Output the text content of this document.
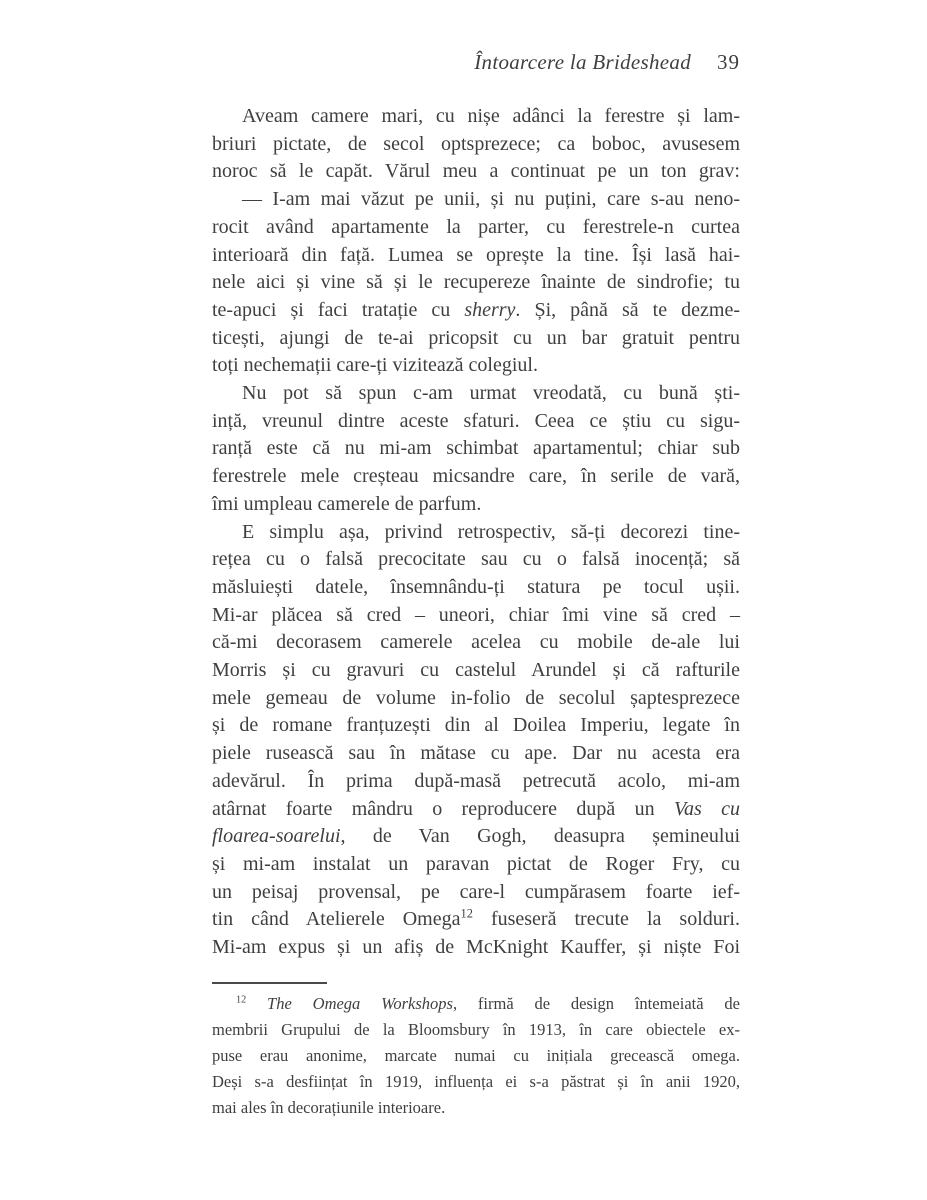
Întoarcere la Brideshead 39
Aveam camere mari, cu nișe adânci la ferestre și lam-
briuri pictate, de secol optsprezece; ca boboc, avusesem
noroc să le capăt. Vărul meu a continuat pe un ton grav:
— I-am mai văzut pe unii, și nu puțini, care s-au neno-
rocit având apartamente la parter, cu ferestrele-n curtea
interioară din față. Lumea se oprește la tine. Își lasă hai-
nele aici și vine să și le recupereze înainte de sindrofie; tu
te-apuci și faci tratație cu sherry. Și, până să te dezme-
ticești, ajungi de te-ai pricopsit cu un bar gratuit pentru
toți nechemații care-ți vizitează colegiul.
Nu pot să spun c-am urmat vreodată, cu bună ști-
ință, vreunul dintre aceste sfaturi. Ceea ce știu cu sigu-
ranță este că nu mi-am schimbat apartamentul; chiar sub
ferestrele mele creșteau micsandre care, în serile de vară,
îmi umpleau camerele de parfum.
E simplu așa, privind retrospectiv, să-ți decorezi tine-
rețea cu o falsă precocitate sau cu o falsă inocență; să
măsluiești datele, însemnându-ți statura pe tocul ușii.
Mi-ar plăcea să cred – uneori, chiar îmi vine să cred –
că-mi decorasem camerele acelea cu mobile de-ale lui
Morris și cu gravuri cu castelul Arundel și că rafturile
mele gemeau de volume in-folio de secolul șaptesprezece
și de romane franțuzești din al Doilea Imperiu, legate în
piele rusească sau în mătase cu ape. Dar nu acesta era
adevărul. În prima după-masă petrecută acolo, mi-am
atârnat foarte mândru o reproducere după un Vas cu
floarea-soarelui, de Van Gogh, deasupra șemineului
și mi-am instalat un paravan pictat de Roger Fry, cu
un peisaj provensal, pe care-l cumpărasem foarte ief-
tin când Atelierele Omega$^{12}$ fuseseră trecute la solduri.
Mi-am expus și un afiș de McKnight Kauffer, și niște Foi
$^{12}$ The Omega Workshops, firmă de design întemeiată de
membrii Grupului de la Bloomsbury în 1913, în care obiectele ex-
puse erau anonime, marcate numai cu inițiala grecească omega.
Deși s-a desființat în 1919, influența ei s-a păstrat și în anii 1920,
mai ales în decorațiunile interioare.
